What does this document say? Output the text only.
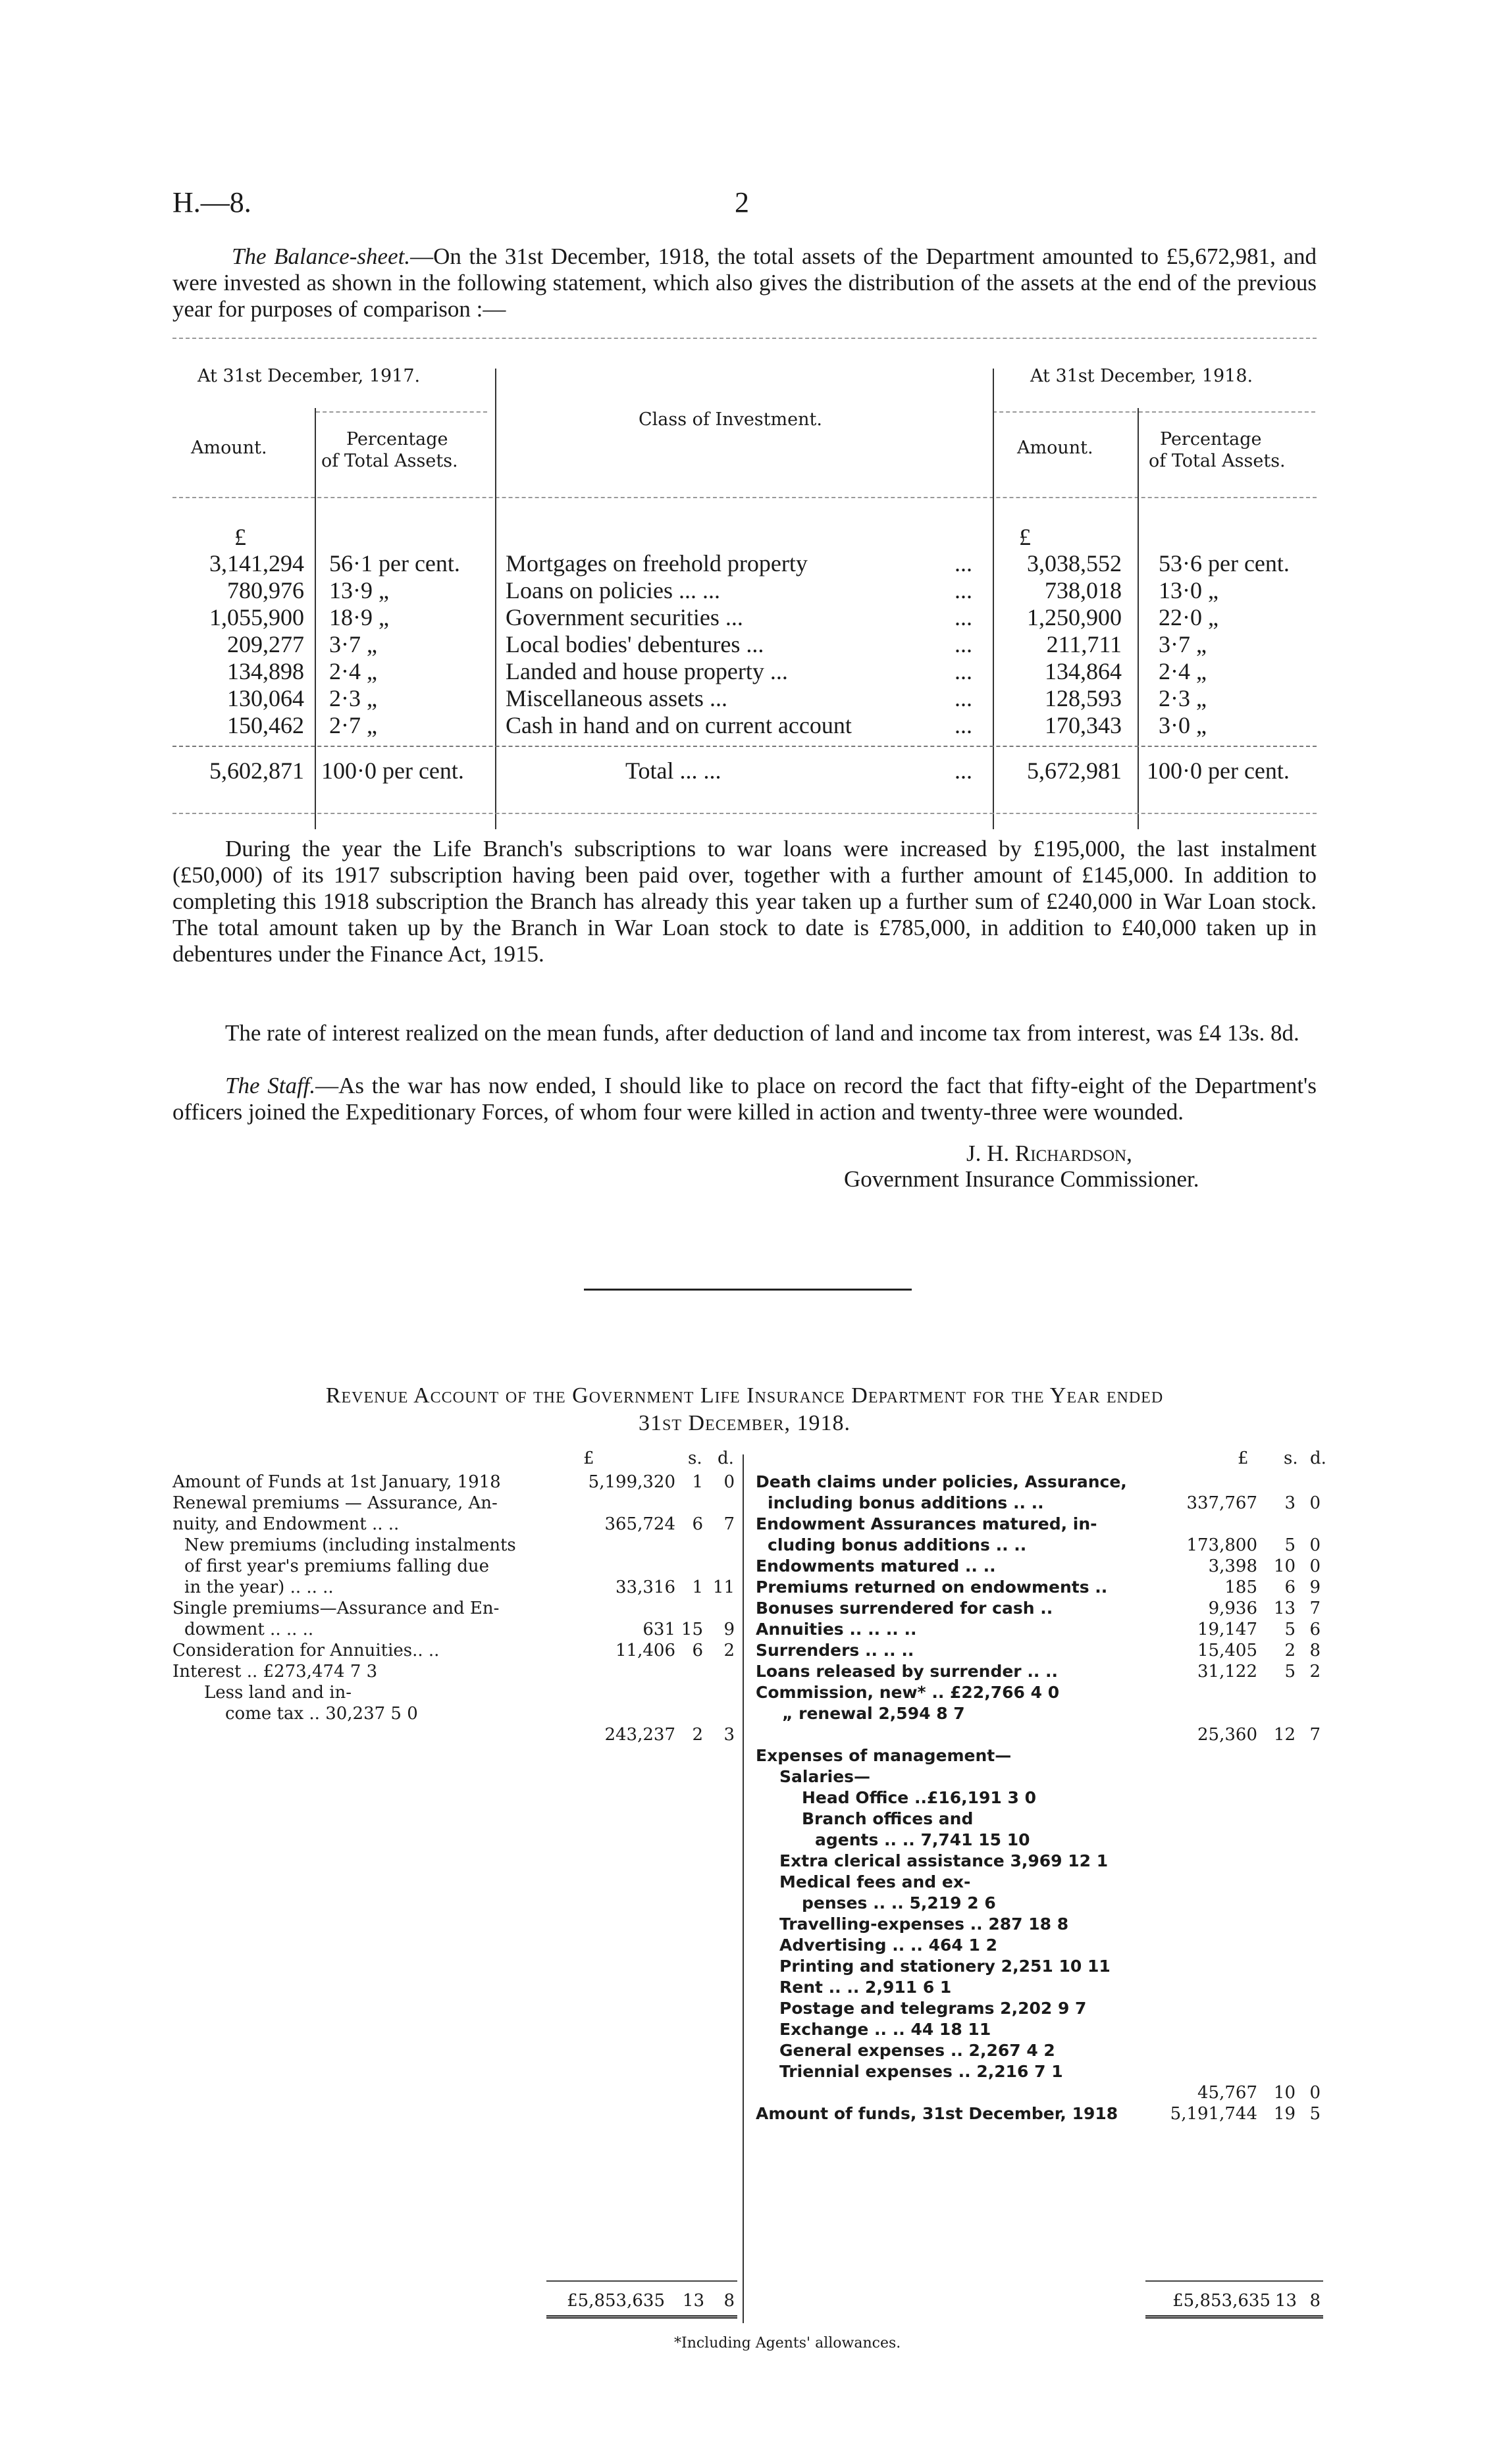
H.—8.	2
The Balance-sheet.—On the 31st December, 1918, the total assets of the Department amounted to £5,672,981, and were invested as shown in the following statement, which also gives the distribution of the assets at the end of the previous year for purposes of comparison :—
At 31st December, 1917.	At 31st December, 1918.
Class of Investment.
Amount.	Percentage
of Total Assets.
Amount.	Percentage
of Total Assets.
£	£
3,141,294 56·1 per cent. Mortgages on freehold property	...	3,038,552 53·6 per cent.
780,976 13·9 „	Loans on policies ... ...	...	738,018 13·0 „
1,055,900 18·9 „	Government securities ...	...	1,250,900 22·0 „
209,277 3·7 „	Local bodies' debentures ...	...	211,711 3·7 „
134,898 2·4 „	Landed and house property ...	...	134,864 2·4 „
130,064 2·3 „	Miscellaneous assets ...	...	128,593 2·3 „
150,462 2·7 „	Cash in hand and on current account	...	170,343 3·0 „
5,602,871 100·0 per cent.	Total ... ...	...	5,672,981 100·0 per cent.
During the year the Life Branch's subscriptions to war loans were increased by £195,000, the last instalment (£50,000) of its 1917 subscription having been paid over, together with a further amount of £145,000. In addition to completing this 1918 subscription the Branch has already this year taken up a further sum of £240,000 in War Loan stock. The total amount taken up by the Branch in War Loan stock to date is £785,000, in addition to £40,000 taken up in debentures under the Finance Act, 1915.
The rate of interest realized on the mean funds, after deduction of land and income tax from interest, was £4 13s. 8d.
The Staff.—As the war has now ended, I should like to place on record the fact that fifty-eight of the Department's officers joined the Expeditionary Forces, of whom four were killed in action and twenty-three were wounded.
J. H. Richardson,
Government Insurance Commissioner.
Revenue Account of the Government Life Insurance Department for the Year ended
31st December, 1918.
£	s. d.	£ s. d.
Amount of Funds at 1st January, 1918	5,199,320 1	0
Renewal premiums — Assurance, An-
nuity, and Endowment .. ..	365,724 6	7
New premiums (including instalments
of first year's premiums falling due
in the year) .. .. ..	33,316 1 11
Single premiums—Assurance and En-
dowment .. .. ..	631 15	9
Consideration for Annuities.. ..	11,406 6	2
Interest .. £273,474 7 3
Less land and in-
come tax .. 30,237 5 0
243,237 2	3
Death claims under policies, Assurance,
including bonus additions .. ..	337,767	3 0
Endowment Assurances matured, in-
cluding bonus additions .. ..	173,800	5 0
Endowments matured .. ..	3,398 10 0
Premiums returned on endowments ..	185	6 9
Bonuses surrendered for cash ..	9,936 13 7
Annuities .. .. .. ..	19,147	5 6
Surrenders .. .. ..	15,405	2 8
Loans released by surrender .. ..	31,122	5 2
Commission, new* .. £22,766 4 0
„ renewal 2,594 8 7
25,360 12 7
Expenses of management—
Salaries—
Head Office ..£16,191 3 0
Branch offices and
agents .. .. 7,741 15 10
Extra clerical assistance 3,969 12 1
Medical fees and ex-
penses .. .. 5,219 2 6
Travelling-expenses .. 287 18 8
Advertising .. .. 464 1 2
Printing and stationery 2,251 10 11
Rent .. .. 2,911 6 1
Postage and telegrams 2,202 9 7
Exchange .. .. 44 18 11
General expenses .. 2,267 4 2
Triennial expenses .. 2,216 7 1
45,767 10 0
Amount of funds, 31st December, 1918	5,191,744 19 5
£5,853,635 13	8	£5,853,635 13 8
*Including Agents' allowances.
